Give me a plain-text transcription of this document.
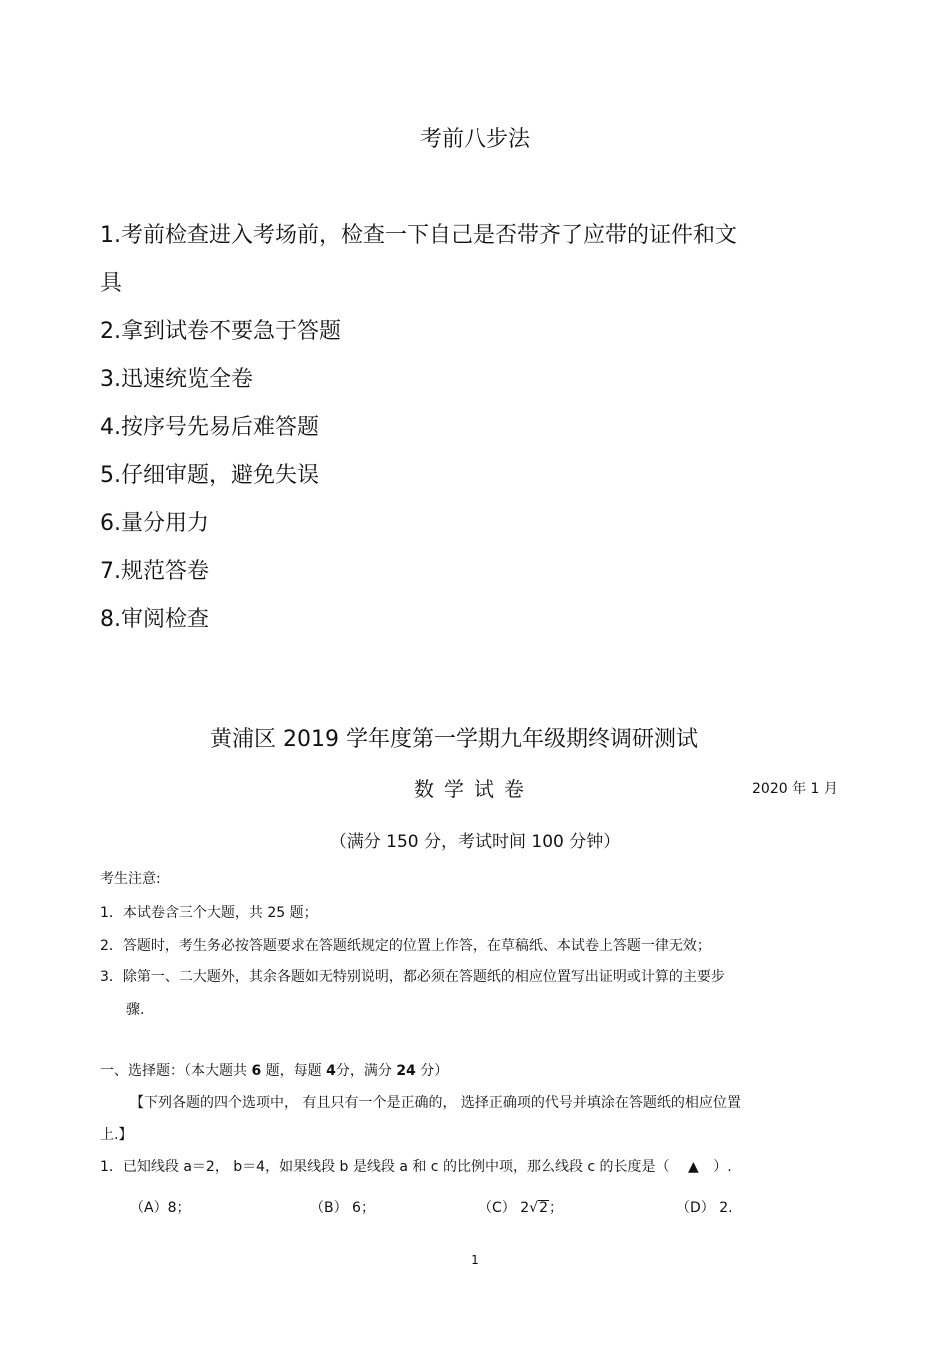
考前八步法
1.考前检查进入考场前，检查一下自己是否带齐了应带的证件和文
具
2.拿到试卷不要急于答题
3.迅速统览全卷
4.按序号先易后难答题
5.仔细审题，避免失误
6.量分用力
7.规范答卷
8.审阅检查
黄浦区 2019 学年度第一学期九年级期终调研测试
数学试卷	2020 年 1 月
（满分 150 分，考试时间 100 分钟）
考生注意:
1．本试卷含三个大题，共 25 题；
2．答题时，考生务必按答题要求在答题纸规定的位置上作答，在草稿纸、本试卷上答题一律无效；
3．除第一、二大题外，其余各题如无特别说明，都必须在答题纸的相应位置写出证明或计算的主要步
骤.
一、选择题：（本大题共 6 题，每题 4分，满分 24 分）
【下列各题的四个选项中， 有且只有一个是正确的， 选择正确项的代号并填涂在答题纸的相应位置
上.】
1．已知线段 a＝2， b＝4，如果线段 b 是线段 a 和 c 的比例中项，那么线段 c 的长度是（ ▲ ）.
（A）8；	（B） 6；	（C） 2√2；	（D） 2.
1
